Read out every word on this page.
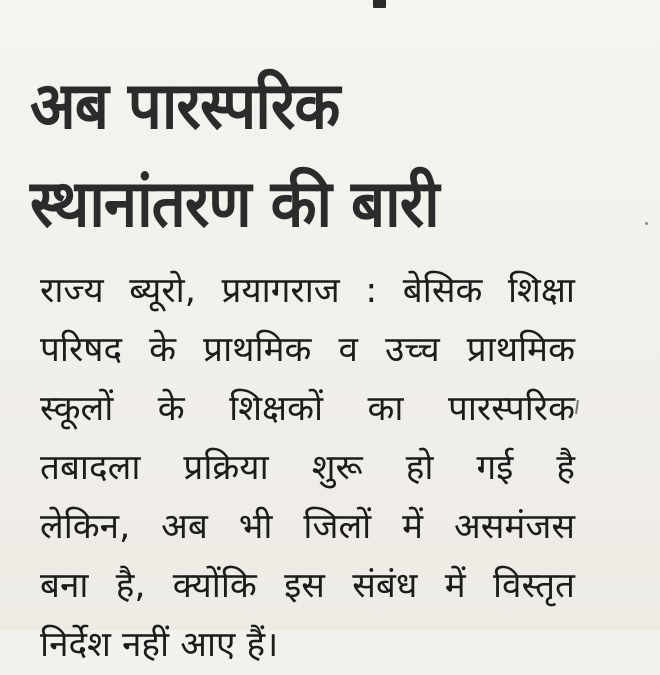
अब पारस्परिक
स्थानांतरण की बारी
राज्य ब्यूरो, प्रयागराज : बेसिक शिक्षा
परिषद के प्राथमिक व उच्च प्राथमिक
स्कूलों के शिक्षकों का पारस्परिक
तबादला प्रक्रिया शुरू हो गई है
लेकिन, अब भी जिलों में असमंजस
बना है, क्योंकि इस संबंध में विस्तृत
निर्देश नहीं आए हैं।
